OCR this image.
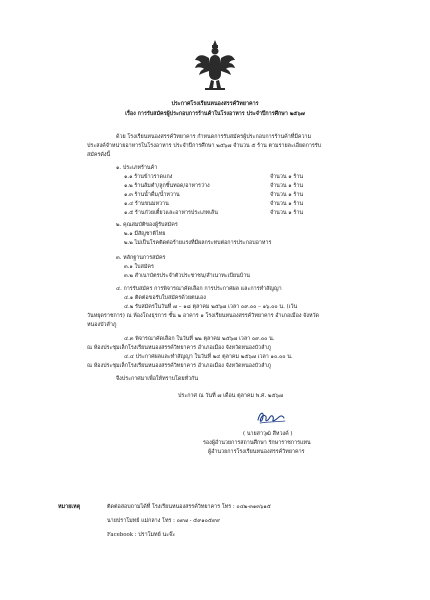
ประกาศโรงเรียนหนองสรรค์วิทยาคาร
เรื่อง การรับสมัครผู้ประกอบการร้านค้าในโรงอาหาร ประจำปีการศึกษา ๒๕๖๗
ด้วย โรงเรียนหนองสรรค์วิทยาคาร กำหนดการรับสมัครผู้ประกอบการร้านค้าที่มีความ
ประสงค์จำหน่ายอาหารในโรงอาหาร ประจำปีการศึกษา ๒๕๖๗ จำนวน ๕ ร้าน ตามรายละเอียดการรับ
สมัครดังนี้
๑. ประเภทร้านค้า
๑.๑ ร้านข้าวราดแกง	จำนวน ๑ ร้าน
๑.๒ ร้านส้มตำ/ลูกชิ้นทอด/อาหารว่าง	จำนวน ๑ ร้าน
๑.๓ ร้านน้ำดื่ม/น้ำหวาน	จำนวน ๑ ร้าน
๑.๔ ร้านขนมหวาน	จำนวน ๑ ร้าน
๑.๕ ร้านก๋วยเตี๋ยวและอาหารประเภทเส้น	จำนวน ๑ ร้าน
๒. คุณสมบัติของผู้รับสมัคร
๒.๑ มีสัญชาติไทย
๒.๒ ไม่เป็นโรคติดต่อร้ายแรงที่มีผลกระทบต่อการประกอบอาหาร
๓. หลักฐานการสมัคร
๓.๑ ใบสมัคร
๓.๒ สำเนาบัตรประจำตัวประชาชน/สำเนาทะเบียนบ้าน
๔. การรับสมัคร การพิจารณาคัดเลือก การประกาศผล และการทำสัญญา
๔.๑ ติดต่อขอรับใบสมัครด้วยตนเอง
๔.๒ รับสมัครในวันที่ ๗ – ๑๘ ตุลาคม ๒๕๖๗ เวลา ๐๙.๐๐ – ๑๖.๐๐ น. (เว้น
วันหยุดราชการ) ณ ห้องโถงธุรการ ชั้น ๒ อาคาร ๑ โรงเรียนหนองสรรค์วิทยาคาร อำเภอเมือง จังหวัด
หนองบัวลำภู
๔.๓ พิจารณาคัดเลือก ในวันที่ ๒๒ ตุลาคม ๒๕๖๗ เวลา ๐๙.๐๐ น.
ณ ห้องประชุมเล็กโรงเรียนหนองสรรค์วิทยาคาร อำเภอเมือง จังหวัดหนองบัวลำภู
๔.๔ ประกาศผลและทำสัญญา ในวันที่ ๒๔ ตุลาคม ๒๕๖๗ เวลา ๑๐.๐๐ น.
ณ ห้องประชุมเล็กโรงเรียนหนองสรรค์วิทยาคาร อำเภอเมือง จังหวัดหนองบัวลำภู
จึงประกาศมาเพื่อให้ทราบโดยทั่วกัน
ประกาศ ณ วันที่ ๗ เดือน ตุลาคม พ.ศ. ๒๕๖๗
( นายสาวุฒิ สีหวงค์ )
รองผู้อำนวยการสถานศึกษา รักษาราชการแทน
ผู้อำนวยการโรงเรียนหนองสรรค์วิทยาคาร
หมายเหตุ	ติดต่อสอบถามได้ที่ โรงเรียนหนองสรรค์วิทยาคาร โทร : ๐๔๒-๓๑๓๖๑๕
นายปราโมทย์ แม่กลาง โทร : ๐๙๗ - ๕๙๑๐๕๙๙
Facebook : ปราโมทย์ นะจ๊ะ
